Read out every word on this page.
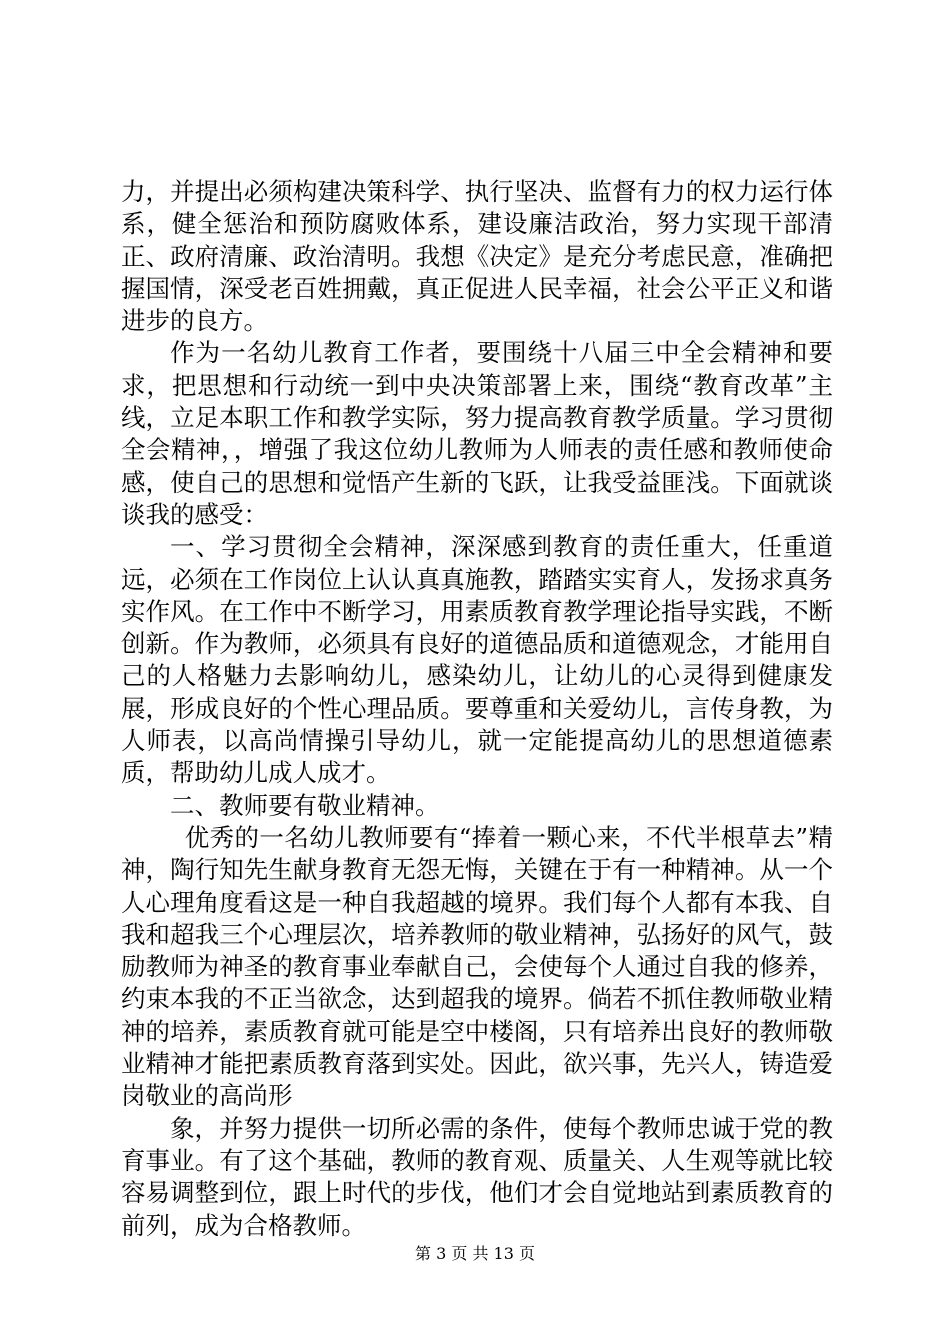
力，并提出必须构建决策科学、执行坚决、监督有力的权力运行体系，健全惩治和预防腐败体系，建设廉洁政治，努力实现干部清正、政府清廉、政治清明。我想《决定》是充分考虑民意，准确把握国情，深受老百姓拥戴，真正促进人民幸福，社会公平正义和谐进步的良方。

作为一名幼儿教育工作者，要围绕十八届三中全会精神和要求，把思想和行动统一到中央决策部署上来，围绕“教育改革”主线，立足本职工作和教学实际，努力提高教育教学质量。学习贯彻全会精神，，增强了我这位幼儿教师为人师表的责任感和教师使命感，使自己的思想和觉悟产生新的飞跃，让我受益匪浅。下面就谈谈我的感受：

一、学习贯彻全会精神，深深感到教育的责任重大，任重道远，必须在工作岗位上认认真真施教，踏踏实实育人，发扬求真务实作风。在工作中不断学习，用素质教育教学理论指导实践，不断创新。作为教师，必须具有良好的道德品质和道德观念，才能用自己的人格魅力去影响幼儿，感染幼儿，让幼儿的心灵得到健康发展，形成良好的个性心理品质。要尊重和关爱幼儿，言传身教，为人师表，以高尚情操引导幼儿，就一定能提高幼儿的思想道德素质，帮助幼儿成人成才。

二、教师要有敬业精神。

优秀的一名幼儿教师要有“捧着一颗心来，不代半根草去”精神，陶行知先生献身教育无怨无悔，关键在于有一种精神。从一个人心理角度看这是一种自我超越的境界。我们每个人都有本我、自我和超我三个心理层次，培养教师的敬业精神，弘扬好的风气，鼓励教师为神圣的教育事业奉献自己，会使每个人通过自我的修养，约束本我的不正当欲念，达到超我的境界。倘若不抓住教师敬业精神的培养，素质教育就可能是空中楼阁，只有培养出良好的教师敬业精神才能把素质教育落到实处。因此，欲兴事，先兴人，铸造爱岗敬业的高尚形

象，并努力提供一切所必需的条件，使每个教师忠诚于党的教育事业。有了这个基础，教师的教育观、质量关、人生观等就比较容易调整到位，跟上时代的步伐，他们才会自觉地站到素质教育的前列，成为合格教师。

第 3 页 共 13 页
